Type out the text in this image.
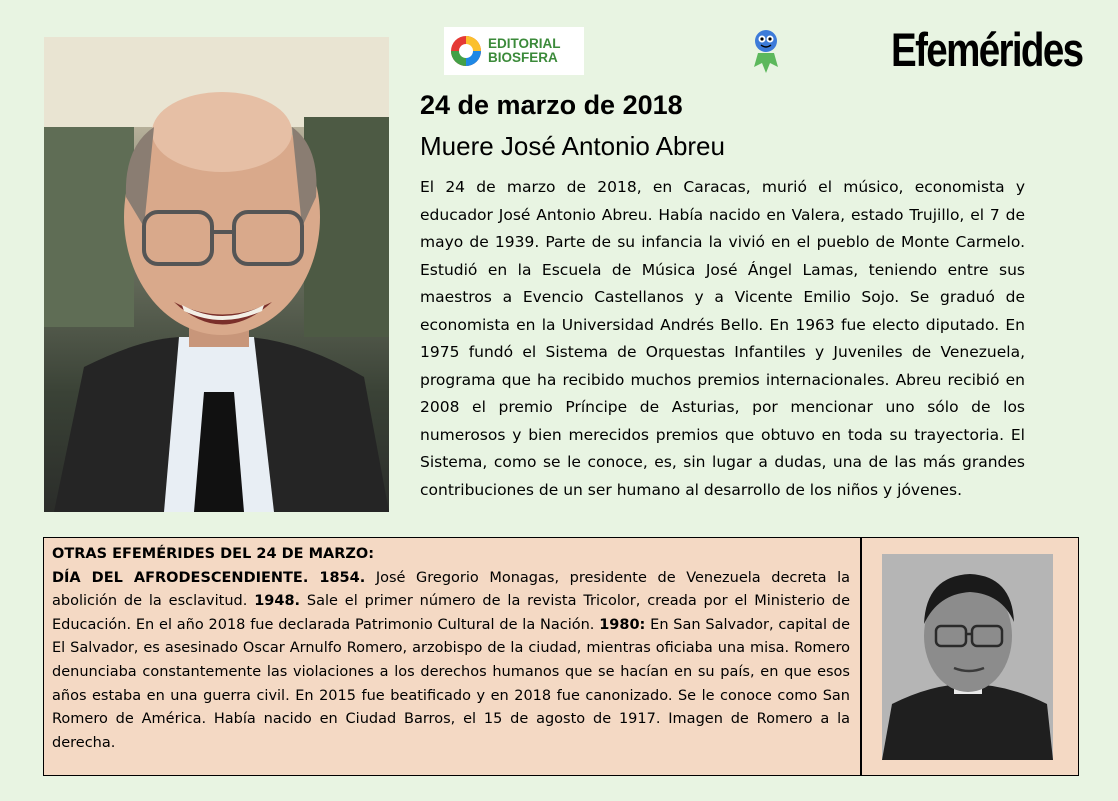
EDITORIAL
BIOSFERA	Efemérides
24 de marzo de 2018
Muere José Antonio Abreu

El 24 de marzo de 2018, en Caracas, murió el músico, economista y educador José Antonio Abreu. Había nacido en Valera, estado Trujillo, el 7 de mayo de 1939. Parte de su infancia la vivió en el pueblo de Monte Carmelo. Estudió en la Escuela de Música José Ángel Lamas, teniendo entre sus maestros a Evencio Castellanos y a Vicente Emilio Sojo. Se graduó de economista en la Universidad Andrés Bello. En 1963 fue electo diputado. En 1975 fundó el Sistema de Orquestas Infantiles y Juveniles de Venezuela, programa que ha recibido muchos premios internacionales. Abreu recibió en 2008 el premio Príncipe de Asturias, por mencionar uno sólo de los numerosos y bien merecidos premios que obtuvo en toda su trayectoria. El Sistema, como se le conoce, es, sin lugar a dudas, una de las más grandes contribuciones de un ser humano al desarrollo de los niños y jóvenes.

OTRAS EFEMÉRIDES DEL 24 DE MARZO:
DÍA DEL AFRODESCENDIENTE. 1854. José Gregorio Monagas, presidente de Venezuela decreta la abolición de la esclavitud. 1948. Sale el primer número de la revista Tricolor, creada por el Ministerio de Educación. En el año 2018 fue declarada Patrimonio Cultural de la Nación. 1980: En San Salvador, capital de El Salvador, es asesinado Oscar Arnulfo Romero, arzobispo de la ciudad, mientras oficiaba una misa. Romero denunciaba constantemente las violaciones a los derechos humanos que se hacían en su país, en que esos años estaba en una guerra civil. En 2015 fue beatificado y en 2018 fue canonizado. Se le conoce como San Romero de América. Había nacido en Ciudad Barros, el 15 de agosto de 1917. Imagen de Romero a la derecha.
